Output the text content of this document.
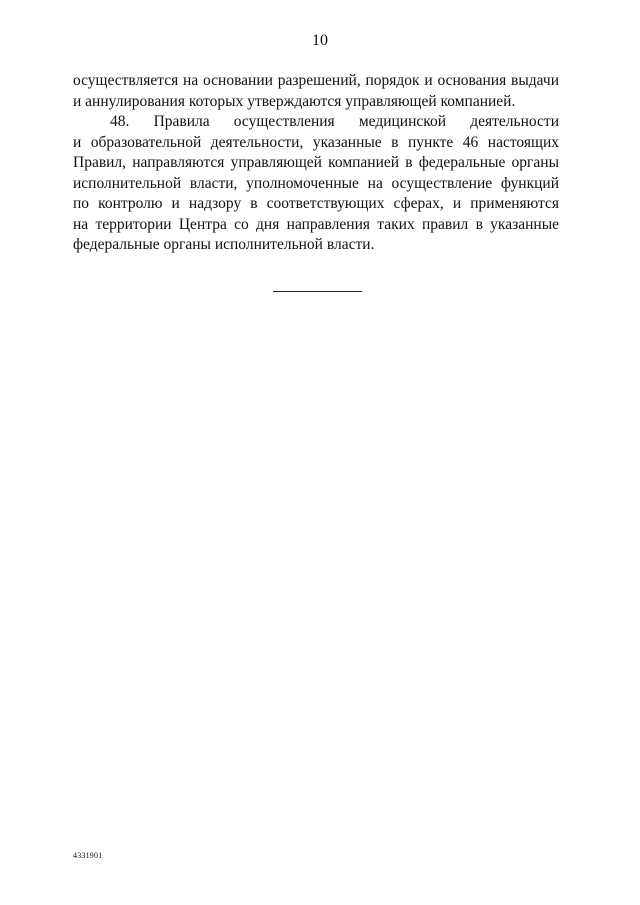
10
осуществляется на основании разрешений, порядок и основания выдачи
и аннулирования которых утверждаются управляющей компанией.
48. Правила осуществления медицинской деятельности
и образовательной деятельности, указанные в пункте 46 настоящих
Правил, направляются управляющей компанией в федеральные органы
исполнительной власти, уполномоченные на осуществление функций
по контролю и надзору в соответствующих сферах, и применяются
на территории Центра со дня направления таких правил в указанные
федеральные органы исполнительной власти.
4331901
